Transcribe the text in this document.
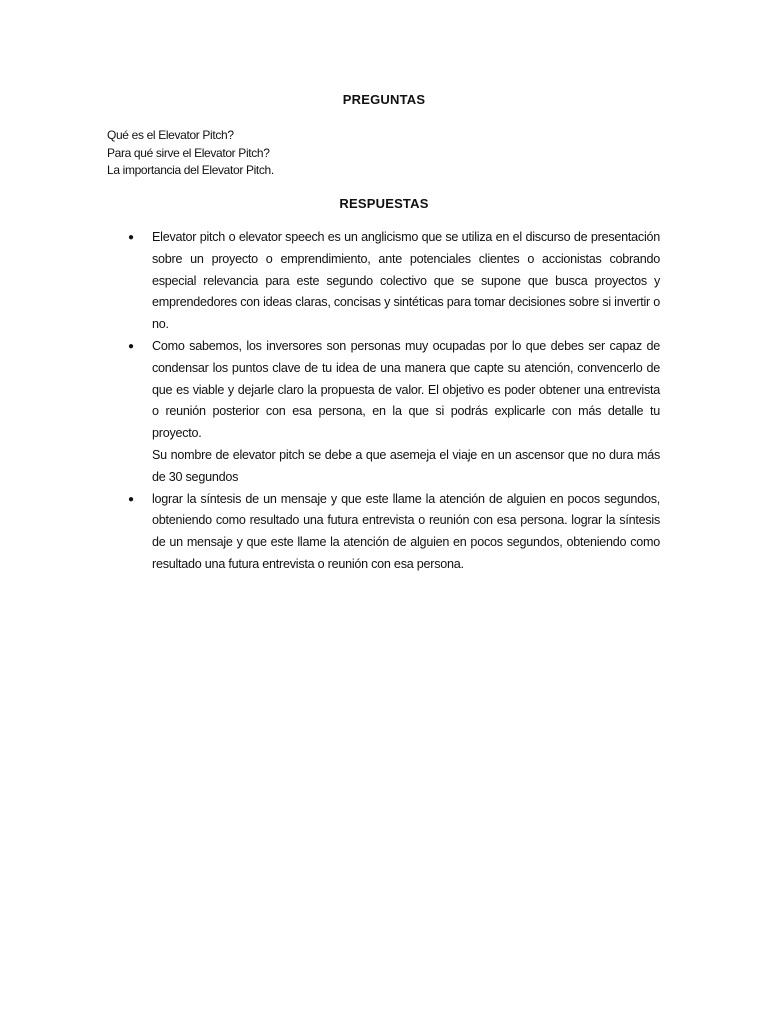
PREGUNTAS
Qué es el Elevator Pitch?
Para qué sirve el Elevator Pitch?
La importancia del Elevator Pitch.
RESPUESTAS
●	Elevator pitch o elevator speech es un anglicismo que se utiliza en el discurso de presentación sobre un proyecto o emprendimiento, ante potenciales clientes o accionistas cobrando especial relevancia para este segundo colectivo que se supone que busca proyectos y emprendedores con ideas claras, concisas y sintéticas para tomar decisiones sobre si invertir o no.
●	Como sabemos, los inversores son personas muy ocupadas por lo que debes ser capaz de condensar los puntos clave de tu idea de una manera que capte su atención, convencerlo de que es viable y dejarle claro la propuesta de valor. El objetivo es poder obtener una entrevista o reunión posterior con esa persona, en la que si podrás explicarle con más detalle tu proyecto.
Su nombre de elevator pitch se debe a que asemeja el viaje en un ascensor que no dura más de 30 segundos
●	lograr la síntesis de un mensaje y que este llame la atención de alguien en pocos segundos, obteniendo como resultado una futura entrevista o reunión con esa persona. lograr la síntesis de un mensaje y que este llame la atención de alguien en pocos segundos, obteniendo como resultado una futura entrevista o reunión con esa persona.
